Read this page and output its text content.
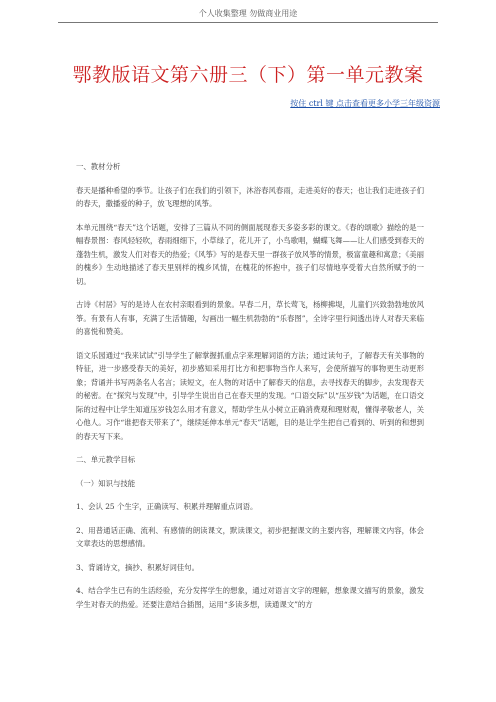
个人收集整理 勿做商业用途
鄂教版语文第六册三（下）第一单元教案
按住 ctrl 键 点击查看更多小学三年级资源

一、教材分析

春天是播种希望的季节。让孩子们在我们的引领下，沐浴春风春雨，走进美好的春天；也让我们走进孩子们的春天，撒播爱的种子，放飞理想的风筝。

本单元围绕“春天”这个话题，安排了三篇从不同的侧面展现春天多姿多彩的课文。《春的颂歌》描绘的是一幅春景图：春风轻轻吹，春雨细细下，小草绿了，花儿开了，小鸟歌唱，蝴蝶飞舞——让人们感受到春天的蓬勃生机，激发人们对春天的热爱；《风筝》写的是春天里一群孩子放风筝的情景，极富童趣和寓意；《美丽的槐乡》生动地描述了春天里别样的槐乡风情，在槐花的怀抱中，孩子们尽情地享受着大自然所赋予的一切。

古诗《村居》写的是诗人在农村亲眼看到的景象。早春二月，草长莺飞，杨柳拂堤，儿童们兴致勃勃地放风筝。有景有人有事，充满了生活情趣，勾画出一幅生机勃勃的“乐春图”，全诗字里行间透出诗人对春天来临的喜悦和赞美。

语文乐园通过“我来试试”引导学生了解掌握抓重点字来理解词语的方法；通过读句子，了解春天有关事物的特征，进一步感受春天的美好，初步感知采用打比方和把事物当作人来写，会使所描写的事物更生动更形象；背诵并书写两条名人名言；读短文，在人物的对话中了解春天的信息，去寻找春天的脚步，去发现春天的秘密。在“探究与发现”中，引导学生说出自己在春天里的发现。“口语交际”以“压岁钱”为话题，在口语交际的过程中让学生知道压岁钱怎么用才有意义，帮助学生从小树立正确消费观和理财观，懂得孝敬老人，关心他人。习作“谁把春天带来了”，继续延伸本单元“春天”话题，目的是让学生把自己看到的、听到的和想到的春天写下来。

二、单元教学目标

（一）知识与技能

1、会认 25 个生字，正确读写、积累并理解重点词语。

2、用普通话正确、流利、有感情的朗读课文，默读课文，初步把握课文的主要内容，理解课文内容，体会文章表达的思想感情。

3、背诵诗文，摘抄、积累好词佳句。

4、结合学生已有的生活经验，充分发挥学生的想象，通过对语言文字的理解，想象课文描写的景象，激发学生对春天的热爱。还要注意结合插图，运用“多读多想，读通课文”的方
